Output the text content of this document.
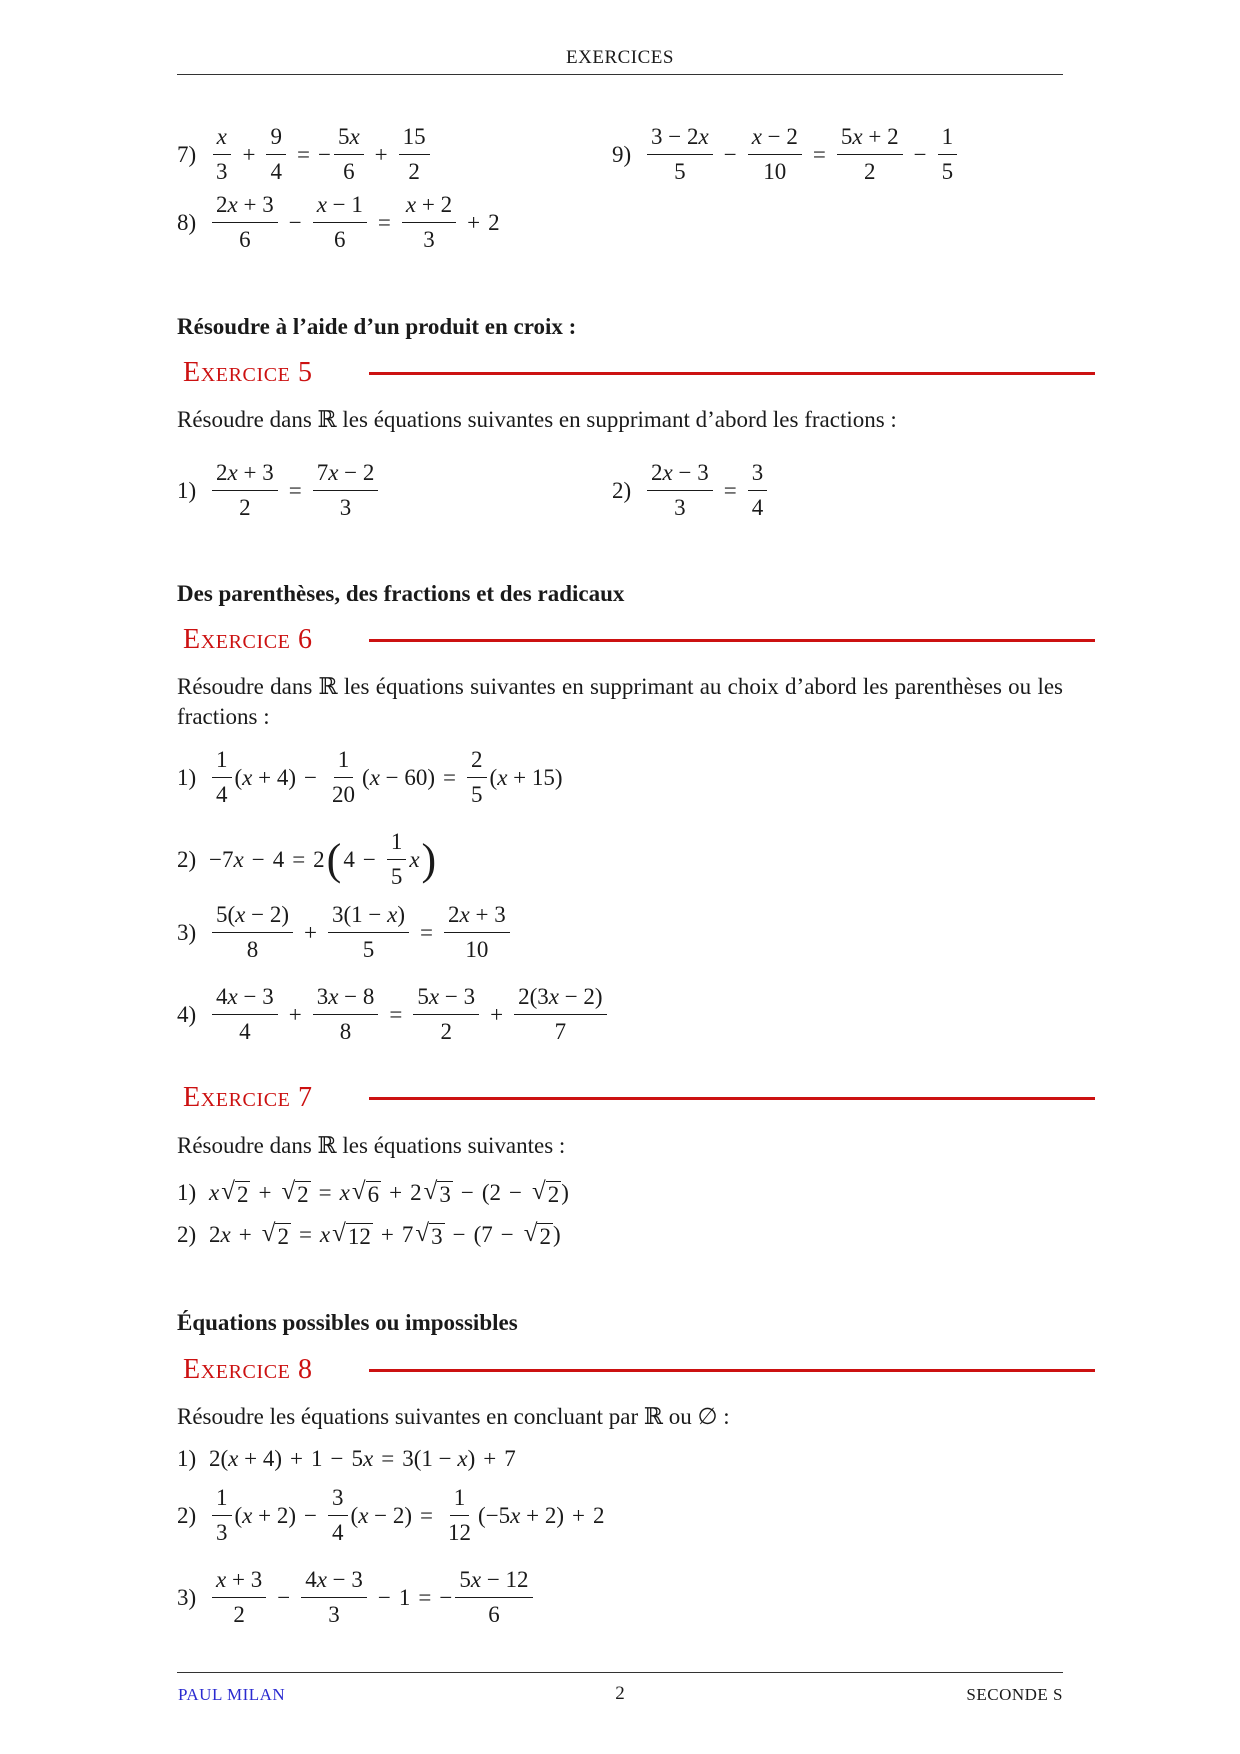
EXERCICES
$7) \frac{x}{3} + \frac{9}{4}$ = − $\frac{5x}{6} + \frac{15}{2}$	$9) \frac{3 - 2x}{5} - \frac{x - 2}{10} = \frac{5x + 2}{2} - \frac{1}{5}$
$8) \frac{2x + 3}{6} - \frac{x - 1}{6} = \frac{x + 2}{3} + 2$
Résoudre à l’aide d’un produit en croix :
Exercice 5
Résoudre dans ℝ les équations suivantes en supprimant d’abord les fractions :
$1) \frac{2x + 3}{2} = \frac{7x - 2}{3}$	$2) \frac{2x - 3}{3} = \frac{3}{4}$
Des parenthèses, des fractions et des radicaux
Exercice 6
Résoudre dans ℝ les équations suivantes en supprimant au choix d’abord les parenthèses ou les fractions :
$1) \frac{1}{4} (x + 4) - \frac{1}{20} (x - 60) = \frac{2}{5} (x + 15)$
2) −7x − 4 = 2 ( $4 - \frac{1}{5}$ x )
$3) \frac{5(x - 2)}{8} + \frac{3(1 - x)}{5} = \frac{2x + 3}{10}$
$4) \frac{4x - 3}{4} + \frac{3x - 8}{8} = \frac{5x - 3}{2} + \frac{2(3x - 2)}{7}$
Exercice 7
Résoudre dans ℝ les équations suivantes :
1) x √ 2 + √ 2 = x √ 6 + 2 √ 3 − (2 − √ 2 )
2) 2x + √ 2 = x √ 12 + 7 √ 3 − (7 − √ 2 )
Équations possibles ou impossibles
Exercice 8
Résoudre les équations suivantes en concluant par ℝ ou ∅ :
1) 2(x + 4) + 1 − 5x = 3(1 − x) + 7
$2) \frac{1}{3} (x + 2) - \frac{3}{4} (x - 2) = \frac{1}{12} (-5x + 2) + 2$
$3) \frac{x + 3}{2} - \frac{4x - 3}{3} - 1$ = − $\frac{5x - 12}{6}$
PAUL MILAN	2	SECONDE S
